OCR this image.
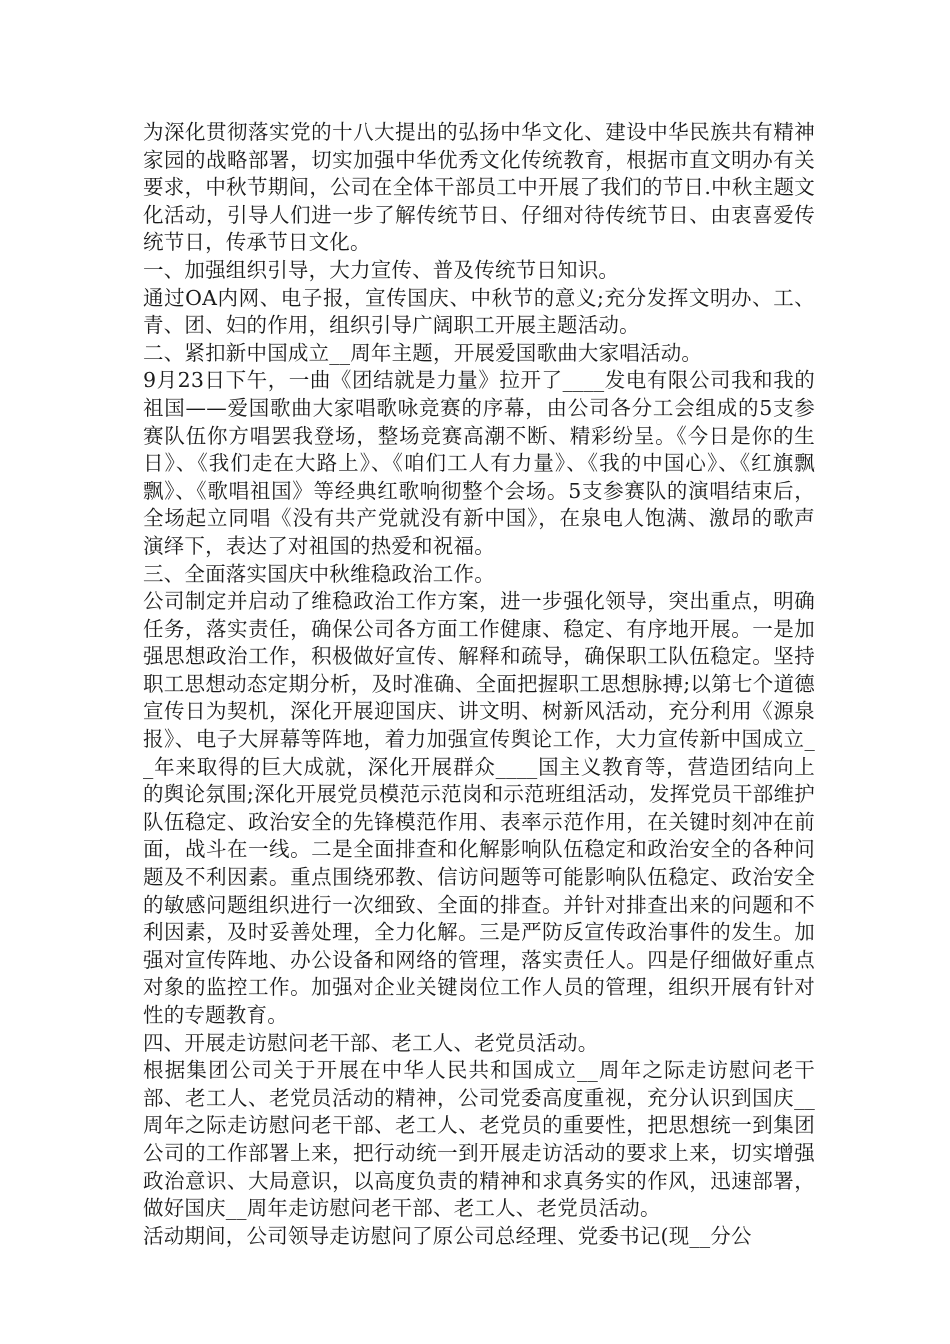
为深化贯彻落实党的十八大提出的弘扬中华文化、建设中华民族共有精神家园的战略部署，切实加强中华优秀文化传统教育，根据市直文明办有关要求，中秋节期间，公司在全体干部员工中开展了我们的节日.中秋主题文化活动，引导人们进一步了解传统节日、仔细对待传统节日、由衷喜爱传统节日，传承节日文化。

一、加强组织引导，大力宣传、普及传统节日知识。

通过OA内网、电子报，宣传国庆、中秋节的意义;充分发挥文明办、工、青、团、妇的作用，组织引导广阔职工开展主题活动。

二、紧扣新中国成立__周年主题，开展爱国歌曲大家唱活动。

9月23日下午，一曲《团结就是力量》拉开了____发电有限公司我和我的祖国——爱国歌曲大家唱歌咏竞赛的序幕，由公司各分工会组成的5支参赛队伍你方唱罢我登场，整场竞赛高潮不断、精彩纷呈。《今日是你的生日》、《我们走在大路上》、《咱们工人有力量》、《我的中国心》、《红旗飘飘》、《歌唱祖国》等经典红歌响彻整个会场。5支参赛队的演唱结束后，全场起立同唱《没有共产党就没有新中国》，在泉电人饱满、激昂的歌声演绎下，表达了对祖国的热爱和祝福。

三、全面落实国庆中秋维稳政治工作。

公司制定并启动了维稳政治工作方案，进一步强化领导，突出重点，明确任务，落实责任，确保公司各方面工作健康、稳定、有序地开展。一是加强思想政治工作，积极做好宣传、解释和疏导，确保职工队伍稳定。坚持职工思想动态定期分析，及时准确、全面把握职工思想脉搏;以第七个道德宣传日为契机，深化开展迎国庆、讲文明、树新风活动，充分利用《源泉报》、电子大屏幕等阵地，着力加强宣传舆论工作，大力宣传新中国成立__年来取得的巨大成就，深化开展群众____国主义教育等，营造团结向上的舆论氛围;深化开展党员模范示范岗和示范班组活动，发挥党员干部维护队伍稳定、政治安全的先锋模范作用、表率示范作用，在关键时刻冲在前面，战斗在一线。二是全面排查和化解影响队伍稳定和政治安全的各种问题及不利因素。重点围绕邪教、信访问题等可能影响队伍稳定、政治安全的敏感问题组织进行一次细致、全面的排查。并针对排查出来的问题和不利因素，及时妥善处理，全力化解。三是严防反宣传政治事件的发生。加强对宣传阵地、办公设备和网络的管理，落实责任人。四是仔细做好重点对象的监控工作。加强对企业关键岗位工作人员的管理，组织开展有针对性的专题教育。

四、开展走访慰问老干部、老工人、老党员活动。

根据集团公司关于开展在中华人民共和国成立__周年之际走访慰问老干部、老工人、老党员活动的精神，公司党委高度重视，充分认识到国庆__周年之际走访慰问老干部、老工人、老党员的重要性，把思想统一到集团公司的工作部署上来，把行动统一到开展走访活动的要求上来，切实增强政治意识、大局意识，以高度负责的精神和求真务实的作风，迅速部署，做好国庆__周年走访慰问老干部、老工人、老党员活动。

活动期间，公司领导走访慰问了原公司总经理、党委书记(现__分公
